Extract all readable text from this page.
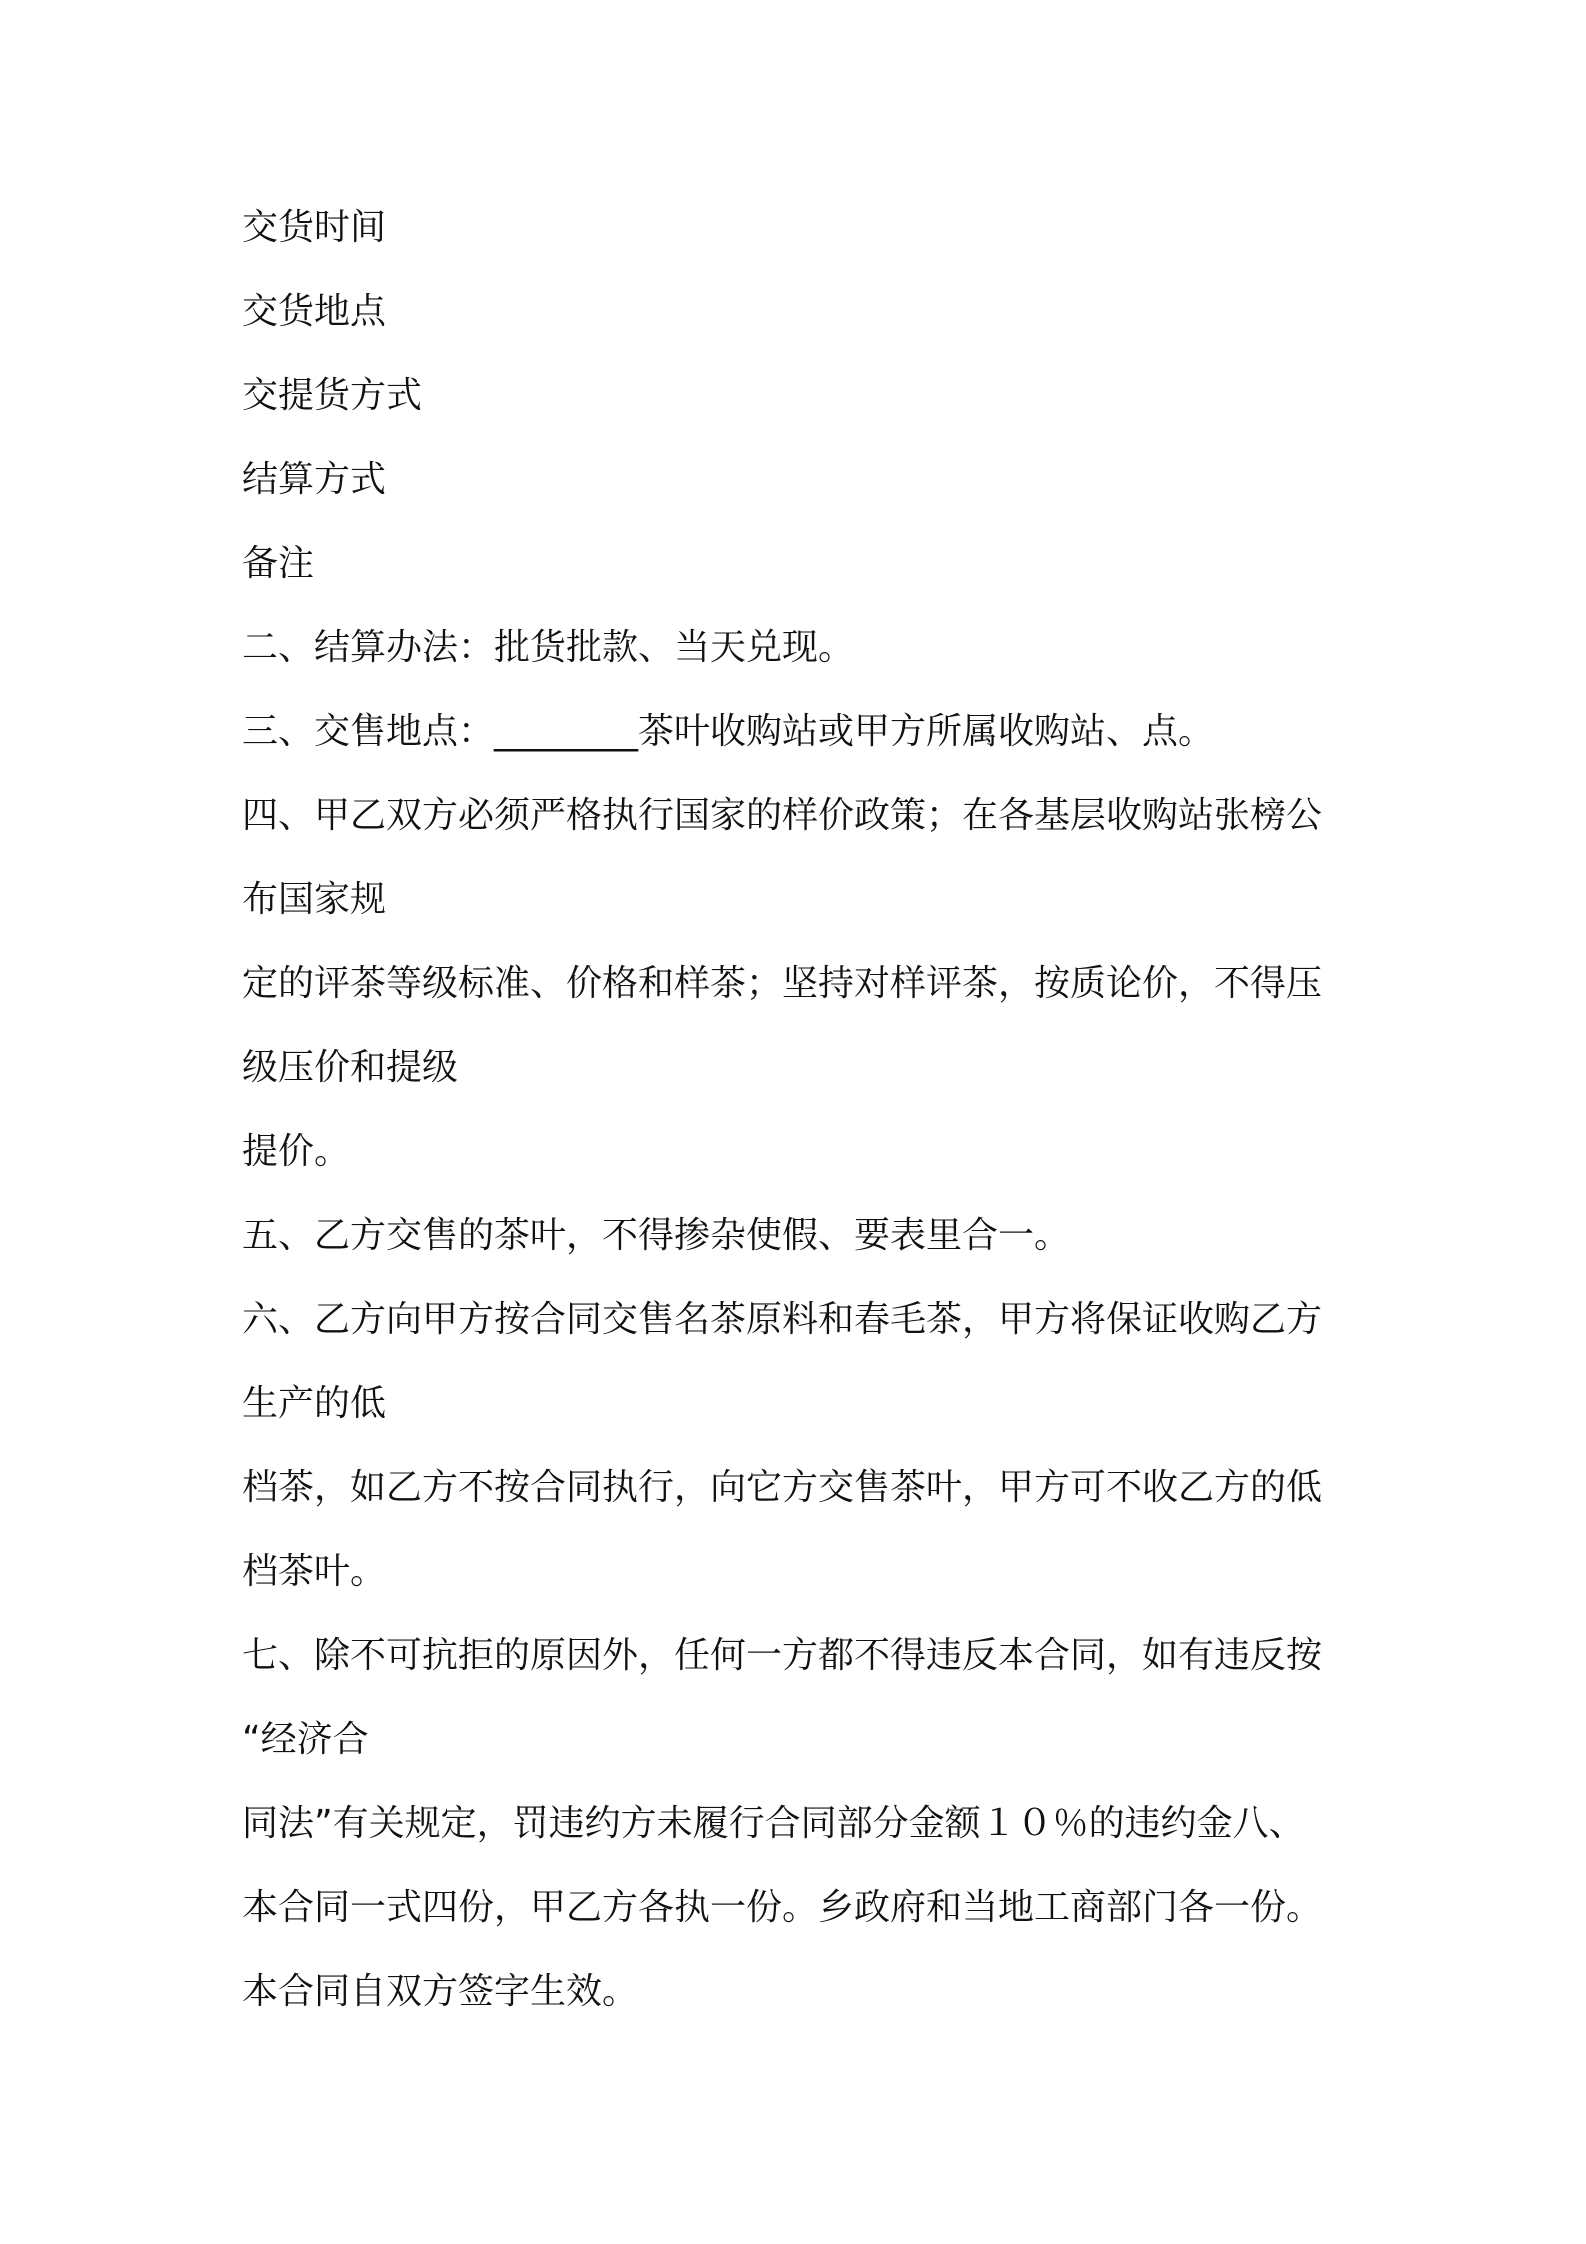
交货时间
交货地点
交提货方式
结算方式
备注
二、结算办法：批货批款、当天兑现。
三、交售地点：________茶叶收购站或甲方所属收购站、点。
四、甲乙双方必须严格执行国家的样价政策；在各基层收购站张榜公
布国家规
定的评茶等级标准、价格和样茶；坚持对样评茶，按质论价，不得压
级压价和提级
提价。
五、乙方交售的茶叶，不得掺杂使假、要表里合一。
六、乙方向甲方按合同交售名茶原料和春毛茶，甲方将保证收购乙方
生产的低
档茶，如乙方不按合同执行，向它方交售茶叶，甲方可不收乙方的低
档茶叶。
七、除不可抗拒的原因外，任何一方都不得违反本合同，如有违反按
“经济合
同法”有关规定，罚违约方未履行合同部分金额１０％的违约金八、
本合同一式四份，甲乙方各执一份。乡政府和当地工商部门各一份。
本合同自双方签字生效。
